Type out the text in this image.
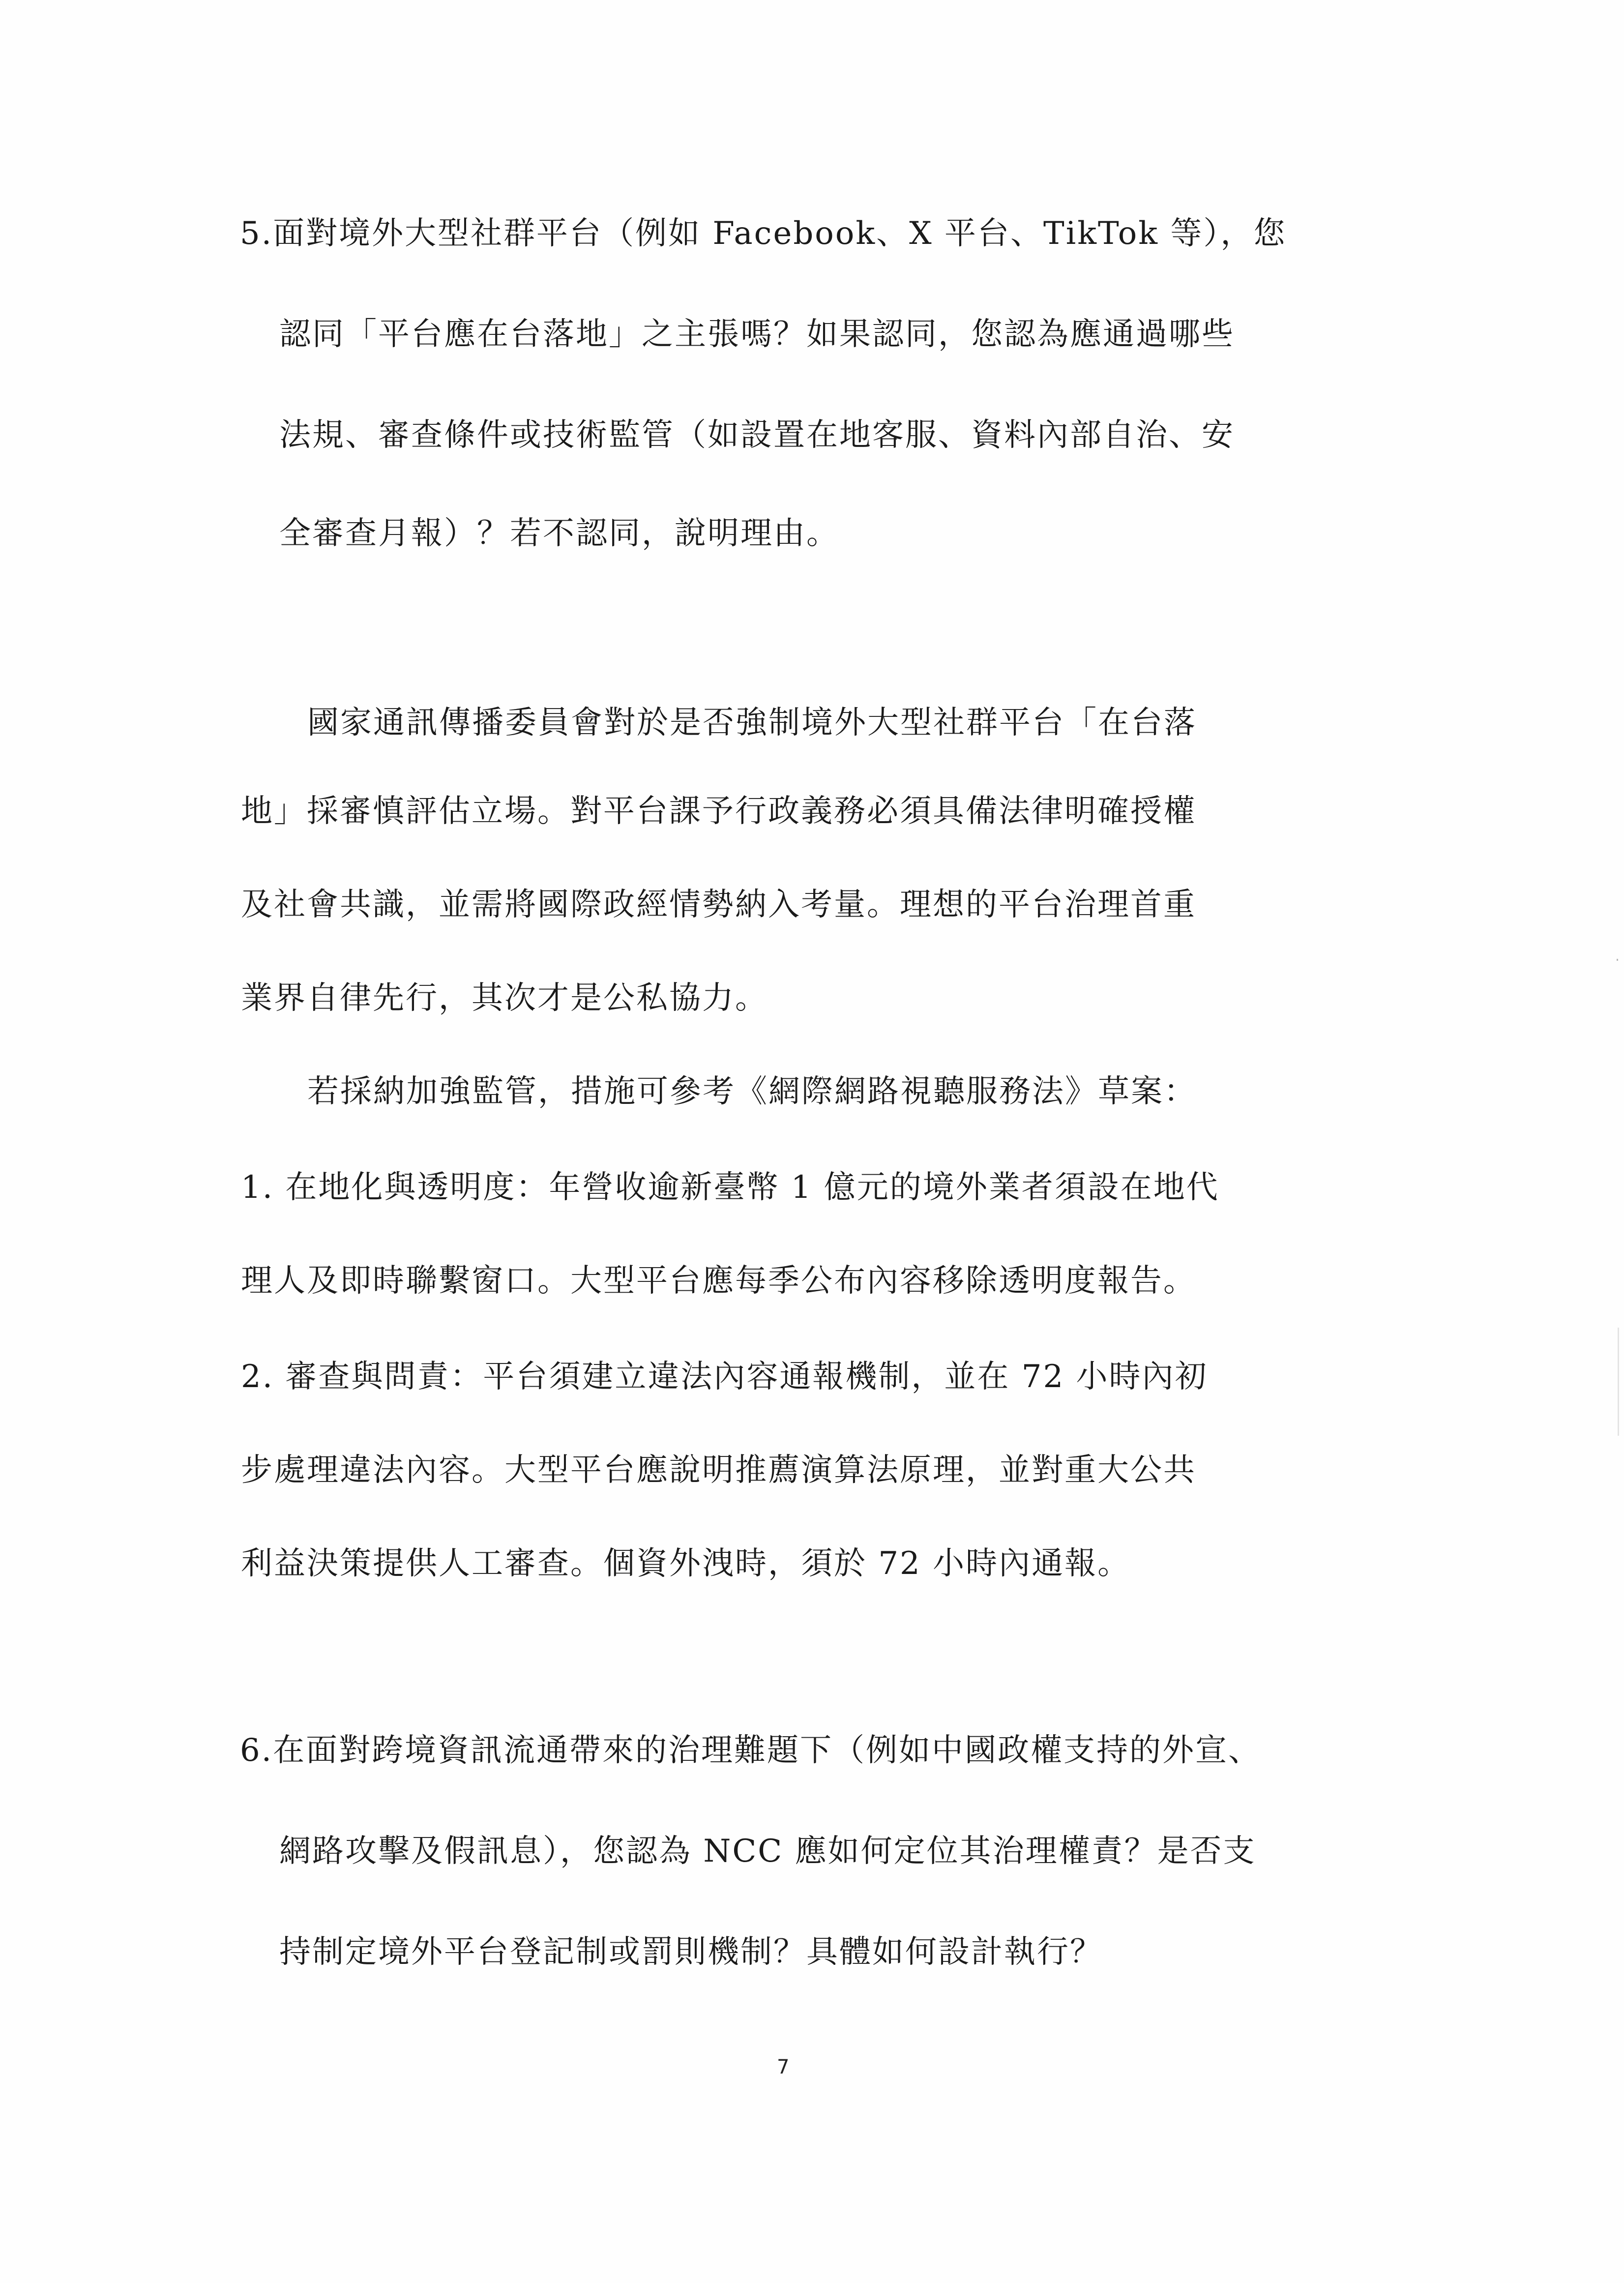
5.面對境外大型社群平台（例如 Facebook、X 平台、TikTok 等），您
認同「平台應在台落地」之主張嗎？如果認同，您認為應通過哪些
法規、審查條件或技術監管（如設置在地客服、資料內部自治、安
全審查月報）？若不認同，說明理由。
國家通訊傳播委員會對於是否強制境外大型社群平台「在台落
地」採審慎評估立場。對平台課予行政義務必須具備法律明確授權
及社會共識，並需將國際政經情勢納入考量。理想的平台治理首重
業界自律先行，其次才是公私協力。
若採納加強監管，措施可參考《網際網路視聽服務法》草案：
1. 在地化與透明度：年營收逾新臺幣 1 億元的境外業者須設在地代
理人及即時聯繫窗口。大型平台應每季公布內容移除透明度報告。
2. 審查與問責：平台須建立違法內容通報機制，並在 72 小時內初
步處理違法內容。大型平台應說明推薦演算法原理，並對重大公共
利益決策提供人工審查。個資外洩時，須於 72 小時內通報。
6.在面對跨境資訊流通帶來的治理難題下（例如中國政權支持的外宣、
網路攻擊及假訊息），您認為 NCC 應如何定位其治理權責？是否支
持制定境外平台登記制或罰則機制？具體如何設計執行？
7
